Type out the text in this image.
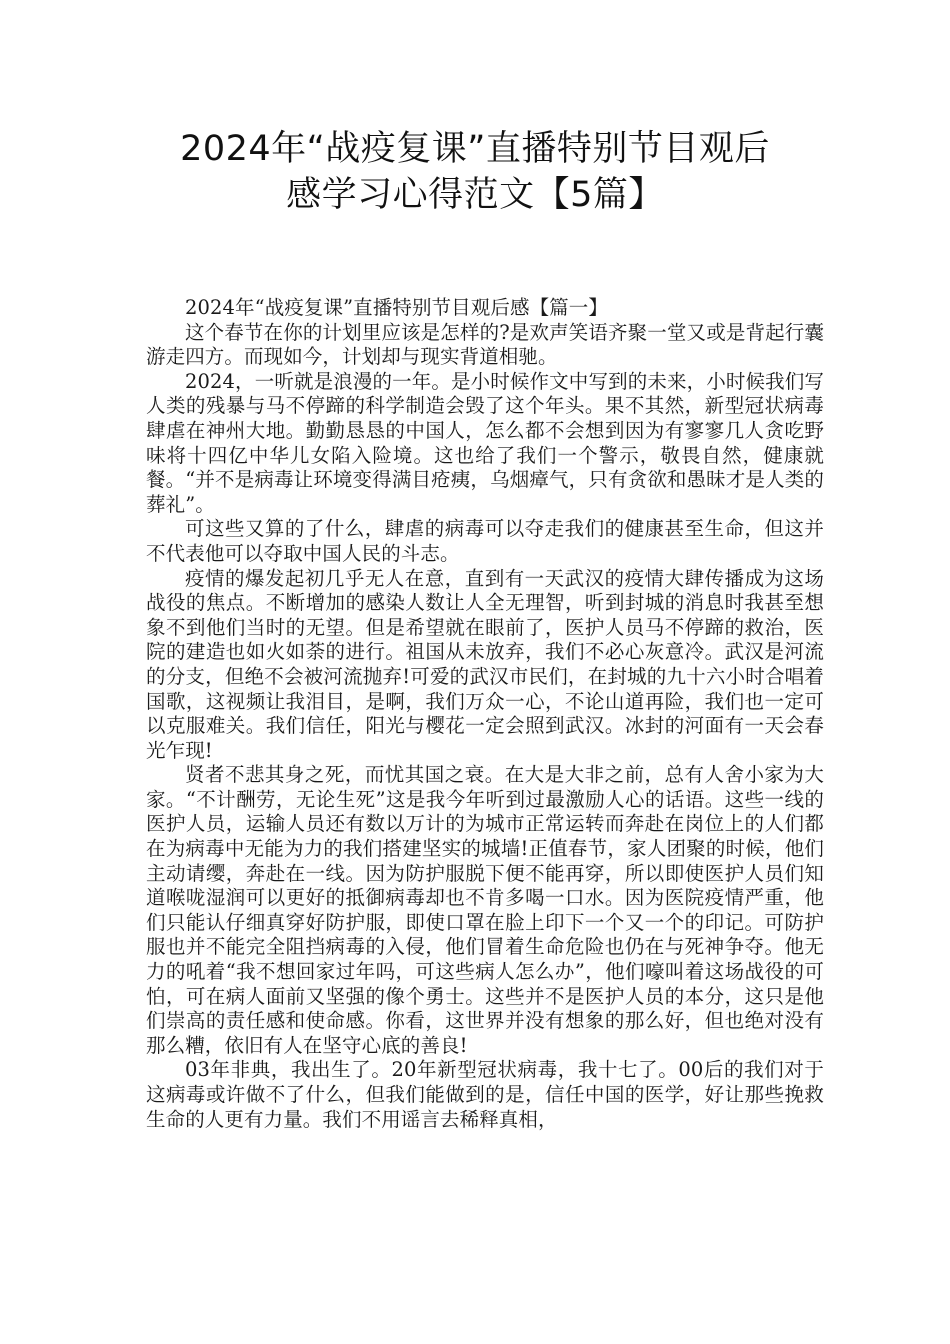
2024年“战疫复课”直播特别节目观后
感学习心得范文【5篇】

2024年“战疫复课”直播特别节目观后感【篇一】

这个春节在你的计划里应该是怎样的?是欢声笑语齐聚一堂又或是背起行囊游走四方。而现如今，计划却与现实背道相驰。

2024，一听就是浪漫的一年。是小时候作文中写到的未来，小时候我们写人类的残暴与马不停蹄的科学制造会毁了这个年头。果不其然，新型冠状病毒肆虐在神州大地。勤勤恳恳的中国人，怎么都不会想到因为有寥寥几人贪吃野味将十四亿中华儿女陷入险境。这也给了我们一个警示，敬畏自然，健康就餐。“并不是病毒让环境变得满目疮痍，乌烟瘴气，只有贪欲和愚昧才是人类的葬礼”。

可这些又算的了什么，肆虐的病毒可以夺走我们的健康甚至生命，但这并不代表他可以夺取中国人民的斗志。

疫情的爆发起初几乎无人在意，直到有一天武汉的疫情大肆传播成为这场战役的焦点。不断增加的感染人数让人全无理智，听到封城的消息时我甚至想象不到他们当时的无望。但是希望就在眼前了，医护人员马不停蹄的救治，医院的建造也如火如荼的进行。祖国从未放弃，我们不必心灰意冷。武汉是河流的分支，但绝不会被河流抛弃!可爱的武汉市民们，在封城的九十六小时合唱着国歌，这视频让我泪目，是啊，我们万众一心，不论山道再险，我们也一定可以克服难关。我们信任，阳光与樱花一定会照到武汉。冰封的河面有一天会春光乍现!

贤者不悲其身之死，而忧其国之衰。在大是大非之前，总有人舍小家为大家。“不计酬劳，无论生死”这是我今年听到过最激励人心的话语。这些一线的医护人员，运输人员还有数以万计的为城市正常运转而奔赴在岗位上的人们都在为病毒中无能为力的我们搭建坚实的城墙!正值春节，家人团聚的时候，他们主动请缨，奔赴在一线。因为防护服脱下便不能再穿，所以即使医护人员们知道喉咙湿润可以更好的抵御病毒却也不肯多喝一口水。因为医院疫情严重，他们只能认仔细真穿好防护服，即使口罩在脸上印下一个又一个的印记。可防护服也并不能完全阻挡病毒的入侵，他们冒着生命危险也仍在与死神争夺。他无力的吼着“我不想回家过年吗，可这些病人怎么办”，他们嚎叫着这场战役的可怕，可在病人面前又坚强的像个勇士。这些并不是医护人员的本分，这只是他们崇高的责任感和使命感。你看，这世界并没有想象的那么好，但也绝对没有那么糟，依旧有人在坚守心底的善良!

03年非典，我出生了。20年新型冠状病毒，我十七了。00后的我们对于这病毒或许做不了什么，但我们能做到的是，信任中国的医学，好让那些挽救生命的人更有力量。我们不用谣言去稀释真相，
